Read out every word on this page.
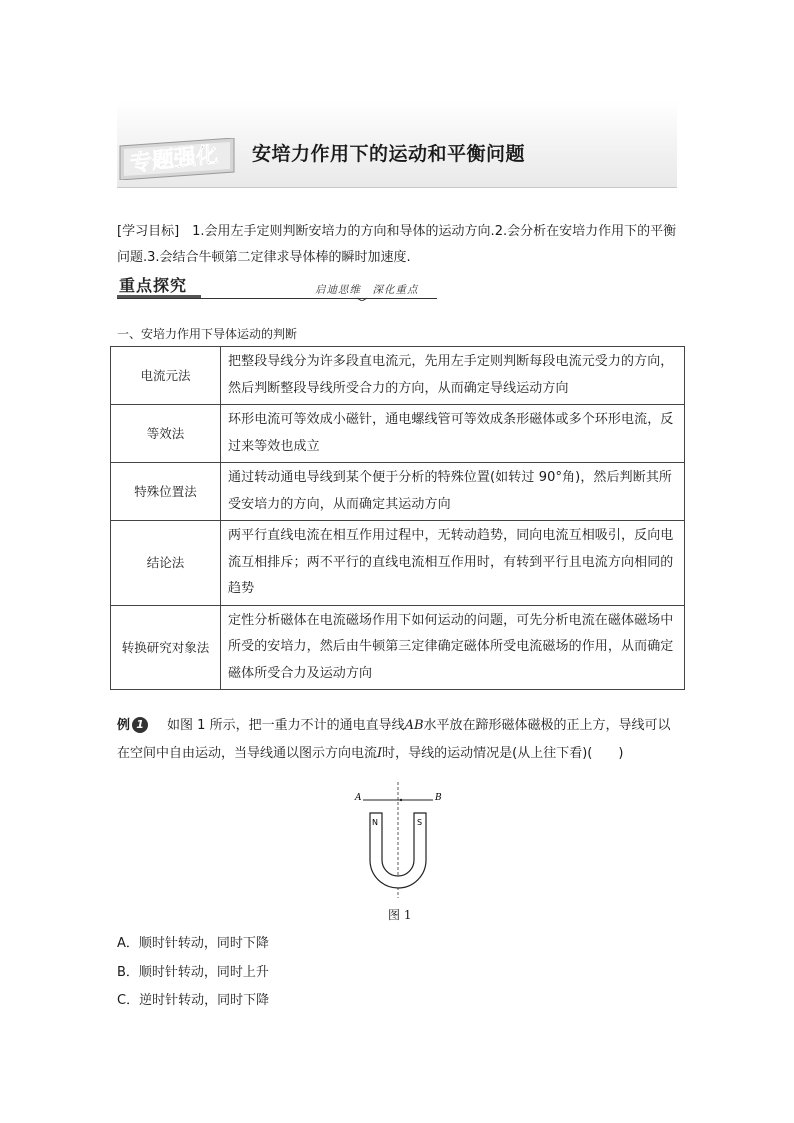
专题强化 安培力作用下的运动和平衡问题
[学习目标]　1.会用左手定则判断安培力的方向和导体的运动方向.2.会分析在安培力作用下的平衡问题.3.会结合牛顿第二定律求导体棒的瞬时加速度.
重点探究	启迪思维　深化重点
一、安培力作用下导体运动的判断
电流元法	把整段导线分为许多段直电流元，先用左手定则判断每段电流元受力的方向，然后判断整段导线所受合力的方向，从而确定导线运动方向
等效法	环形电流可等效成小磁针，通电螺线管可等效成条形磁体或多个环形电流，反过来等效也成立
特殊位置法	通过转动通电导线到某个便于分析的特殊位置(如转过 90°角)，然后判断其所受安培力的方向，从而确定其运动方向
结论法	两平行直线电流在相互作用过程中，无转动趋势，同向电流互相吸引，反向电流互相排斥；两不平行的直线电流相互作用时，有转到平行且电流方向相同的趋势
转换研究对象法	定性分析磁体在电流磁场作用下如何运动的问题，可先分析电流在磁体磁场中所受的安培力，然后由牛顿第三定律确定磁体所受电流磁场的作用，从而确定磁体所受合力及运动方向
例 1　 如图 1 所示，把一重力不计的通电直导线AB水平放在蹄形磁体磁极的正上方，导线可以在空间中自由运动，当导线通以图示方向电流I时，导线的运动情况是(从上往下看)(　　)
A	B
N	S
图 1
A．顺时针转动，同时下降
B．顺时针转动，同时上升
C．逆时针转动，同时下降
